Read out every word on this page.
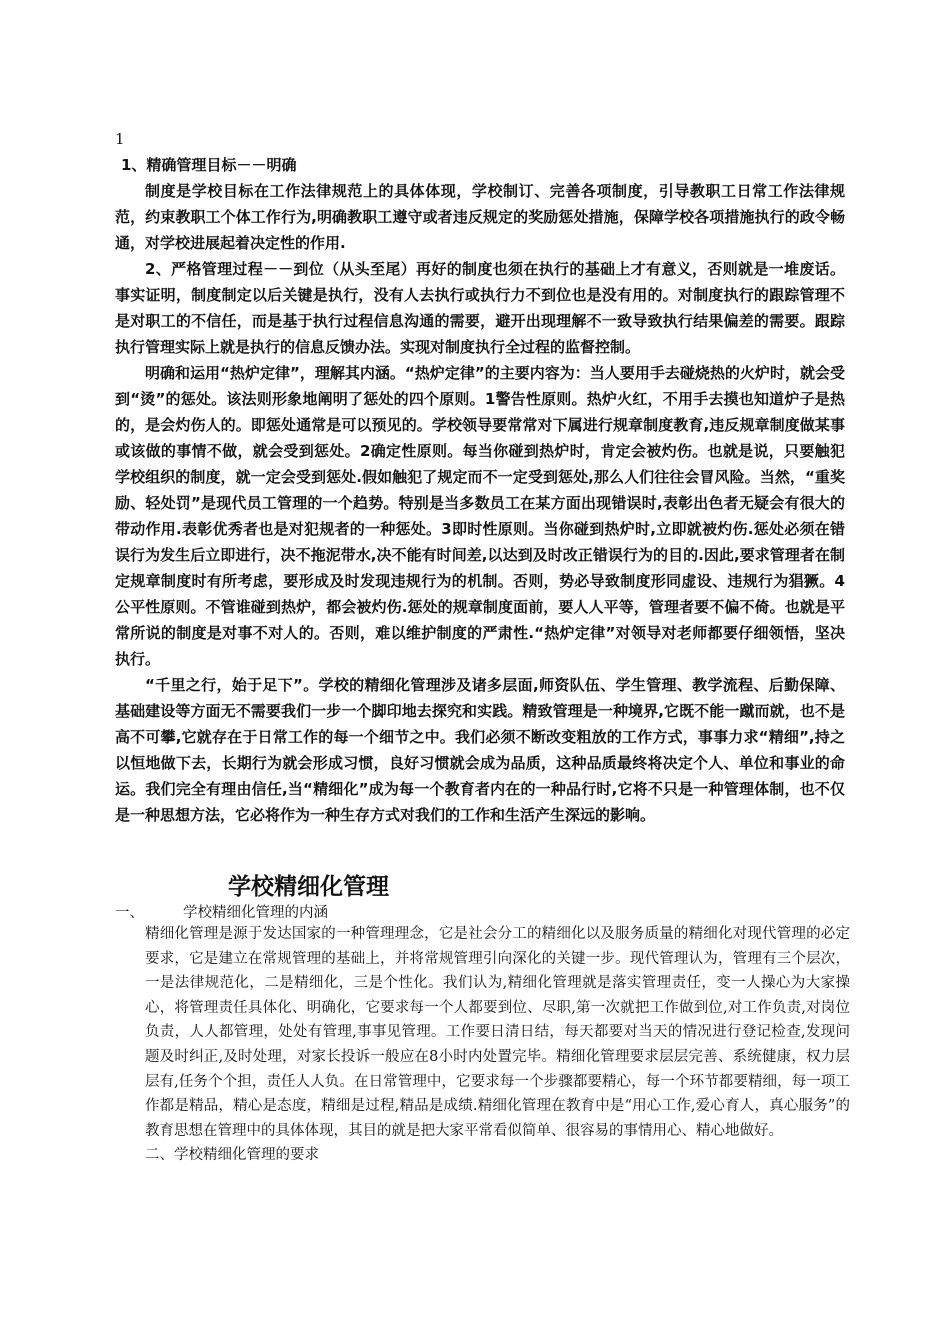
1

1、精确管理目标－－明确

制度是学校目标在工作法律规范上的具体体现，学校制订、完善各项制度，引导教职工日常工作法律规范，约束教职工个体工作行为,明确教职工遵守或者违反规定的奖励惩处措施，保障学校各项措施执行的政令畅通，对学校进展起着决定性的作用.

2、严格管理过程－－到位（从头至尾）再好的制度也须在执行的基础上才有意义，否则就是一堆废话。事实证明，制度制定以后关键是执行，没有人去执行或执行力不到位也是没有用的。对制度执行的跟踪管理不是对职工的不信任，而是基于执行过程信息沟通的需要，避开出现理解不一致导致执行结果偏差的需要。跟踪执行管理实际上就是执行的信息反馈办法。实现对制度执行全过程的监督控制。

明确和运用“热炉定律”，理解其内涵。“热炉定律”的主要内容为：当人要用手去碰烧热的火炉时，就会受到“烫”的惩处。该法则形象地阐明了惩处的四个原则。1警告性原则。热炉火红，不用手去摸也知道炉子是热的，是会灼伤人的。即惩处通常是可以预见的。学校领导要常常对下属进行规章制度教育,违反规章制度做某事或该做的事情不做，就会受到惩处。2确定性原则。每当你碰到热炉时，肯定会被灼伤。也就是说，只要触犯学校组织的制度，就一定会受到惩处.假如触犯了规定而不一定受到惩处,那么人们往往会冒风险。当然，“重奖励、轻处罚”是现代员工管理的一个趋势。特别是当多数员工在某方面出现错误时,表彰出色者无疑会有很大的带动作用.表彰优秀者也是对犯规者的一种惩处。3即时性原则。当你碰到热炉时,立即就被灼伤.惩处必须在错误行为发生后立即进行，决不拖泥带水,决不能有时间差,以达到及时改正错误行为的目的.因此,要求管理者在制定规章制度时有所考虑，要形成及时发现违规行为的机制。否则，势必导致制度形同虚设、违规行为猖獗。4公平性原则。不管谁碰到热炉，都会被灼伤.惩处的规章制度面前，要人人平等，管理者要不偏不倚。也就是平常所说的制度是对事不对人的。否则，难以维护制度的严肃性.“热炉定律”对领导对老师都要仔细领悟，坚决执行。

“千里之行，始于足下”。学校的精细化管理涉及诸多层面,师资队伍、学生管理、教学流程、后勤保障、基础建设等方面无不需要我们一步一个脚印地去探究和实践。精致管理是一种境界,它既不能一蹴而就，也不是高不可攀,它就存在于日常工作的每一个细节之中。我们必须不断改变粗放的工作方式，事事力求“精细”,持之以恒地做下去，长期行为就会形成习惯，良好习惯就会成为品质，这种品质最终将决定个人、单位和事业的命运。我们完全有理由信任,当“精细化”成为每一个教育者内在的一种品行时,它将不只是一种管理体制，也不仅是一种思想方法，它必将作为一种生存方式对我们的工作和生活产生深远的影响。

学校精细化管理
一、	学校精细化管理的内涵

精细化管理是源于发达国家的一种管理理念，它是社会分工的精细化以及服务质量的精细化对现代管理的必定要求，它是建立在常规管理的基础上，并将常规管理引向深化的关键一步。现代管理认为，管理有三个层次，一是法律规范化，二是精细化，三是个性化。我们认为,精细化管理就是落实管理责任，变一人操心为大家操心，将管理责任具体化、明确化，它要求每一个人都要到位、尽职,第一次就把工作做到位,对工作负责,对岗位负责，人人都管理，处处有管理,事事见管理。工作要日清日结，每天都要对当天的情况进行登记检查,发现问题及时纠正,及时处理，对家长投诉一般应在8小时内处置完毕。精细化管理要求层层完善、系统健康，权力层层有,任务个个担，责任人人负。在日常管理中，它要求每一个步骤都要精心，每一个环节都要精细，每一项工作都是精品，精心是态度，精细是过程,精品是成绩.精细化管理在教育中是“用心工作,爱心育人，真心服务”的教育思想在管理中的具体体现，其目的就是把大家平常看似简单、很容易的事情用心、精心地做好。

二、学校精细化管理的要求
